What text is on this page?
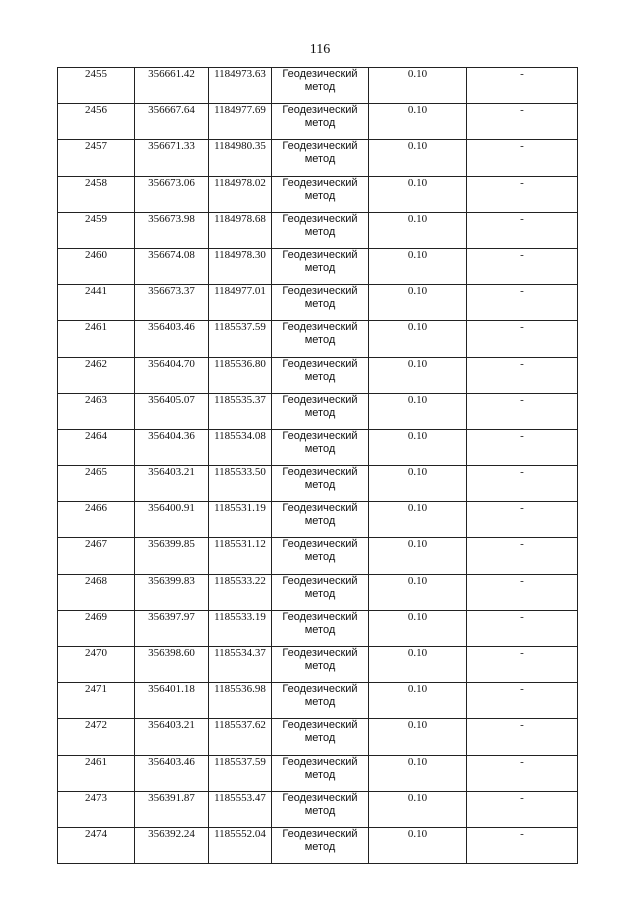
116
2455	356661.42	1184973.63	Геодезический метод	0.10	-
2456	356667.64	1184977.69	Геодезический метод	0.10	-
2457	356671.33	1184980.35	Геодезический метод	0.10	-
2458	356673.06	1184978.02	Геодезический метод	0.10	-
2459	356673.98	1184978.68	Геодезический метод	0.10	-
2460	356674.08	1184978.30	Геодезический метод	0.10	-
2441	356673.37	1184977.01	Геодезический метод	0.10	-
2461	356403.46	1185537.59	Геодезический метод	0.10	-
2462	356404.70	1185536.80	Геодезический метод	0.10	-
2463	356405.07	1185535.37	Геодезический метод	0.10	-
2464	356404.36	1185534.08	Геодезический метод	0.10	-
2465	356403.21	1185533.50	Геодезический метод	0.10	-
2466	356400.91	1185531.19	Геодезический метод	0.10	-
2467	356399.85	1185531.12	Геодезический метод	0.10	-
2468	356399.83	1185533.22	Геодезический метод	0.10	-
2469	356397.97	1185533.19	Геодезический метод	0.10	-
2470	356398.60	1185534.37	Геодезический метод	0.10	-
2471	356401.18	1185536.98	Геодезический метод	0.10	-
2472	356403.21	1185537.62	Геодезический метод	0.10	-
2461	356403.46	1185537.59	Геодезический метод	0.10	-
2473	356391.87	1185553.47	Геодезический метод	0.10	-
2474	356392.24	1185552.04	Геодезический метод	0.10	-
